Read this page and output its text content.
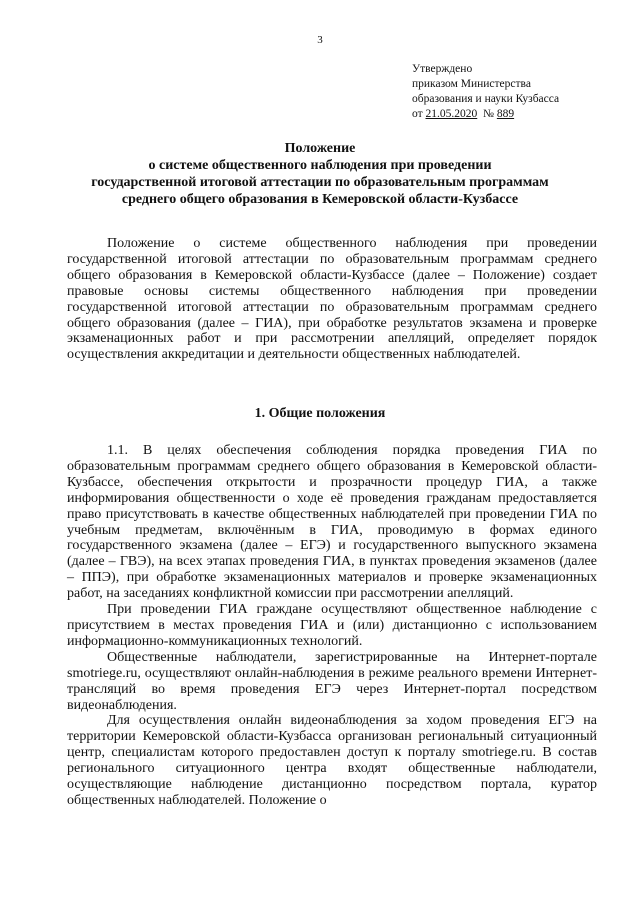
3
Утверждено
приказом Министерства
образования и науки Кузбасса
от 21.05.2020 № 889
Положение
о системе общественного наблюдения при проведении
государственной итоговой аттестации по образовательным программам
среднего общего образования в Кемеровской области-Кузбассе

Положение о системе общественного наблюдения при проведении государственной итоговой аттестации по образовательным программам среднего общего образования в Кемеровской области-Кузбассе (далее – Положение) создает правовые основы системы общественного наблюдения при проведении государственной итоговой аттестации по образовательным программам среднего общего образования (далее – ГИА), при обработке результатов экзамена и проверке экзаменационных работ и при рассмотрении апелляций, определяет порядок осуществления аккредитации и деятельности общественных наблюдателей.

1. Общие положения

1.1. В целях обеспечения соблюдения порядка проведения ГИА по образовательным программам среднего общего образования в Кемеровской области-Кузбассе, обеспечения открытости и прозрачности процедур ГИА, а также информирования общественности о ходе её проведения гражданам предоставляется право присутствовать в качестве общественных наблюдателей при проведении ГИА по учебным предметам, включённым в ГИА, проводимую в формах единого государственного экзамена (далее – ЕГЭ) и государственного выпускного экзамена (далее – ГВЭ), на всех этапах проведения ГИА, в пунктах проведения экзаменов (далее – ППЭ), при обработке экзаменационных материалов и проверке экзаменационных работ, на заседаниях конфликтной комиссии при рассмотрении апелляций.

При проведении ГИА граждане осуществляют общественное наблюдение с присутствием в местах проведения ГИА и (или) дистанционно с использованием информационно-коммуникационных технологий.

Общественные наблюдатели, зарегистрированные на Интернет-портале smotriege.ru, осуществляют онлайн-наблюдения в режиме реального времени Интернет-трансляций во время проведения ЕГЭ через Интернет-портал посредством видеонаблюдения.

Для осуществления онлайн видеонаблюдения за ходом проведения ЕГЭ на территории Кемеровской области-Кузбасса организован региональный ситуационный центр, специалистам которого предоставлен доступ к порталу smotriege.ru. В состав регионального ситуационного центра входят общественные наблюдатели, осуществляющие наблюдение дистанционно посредством портала, куратор общественных наблюдателей. Положение о
